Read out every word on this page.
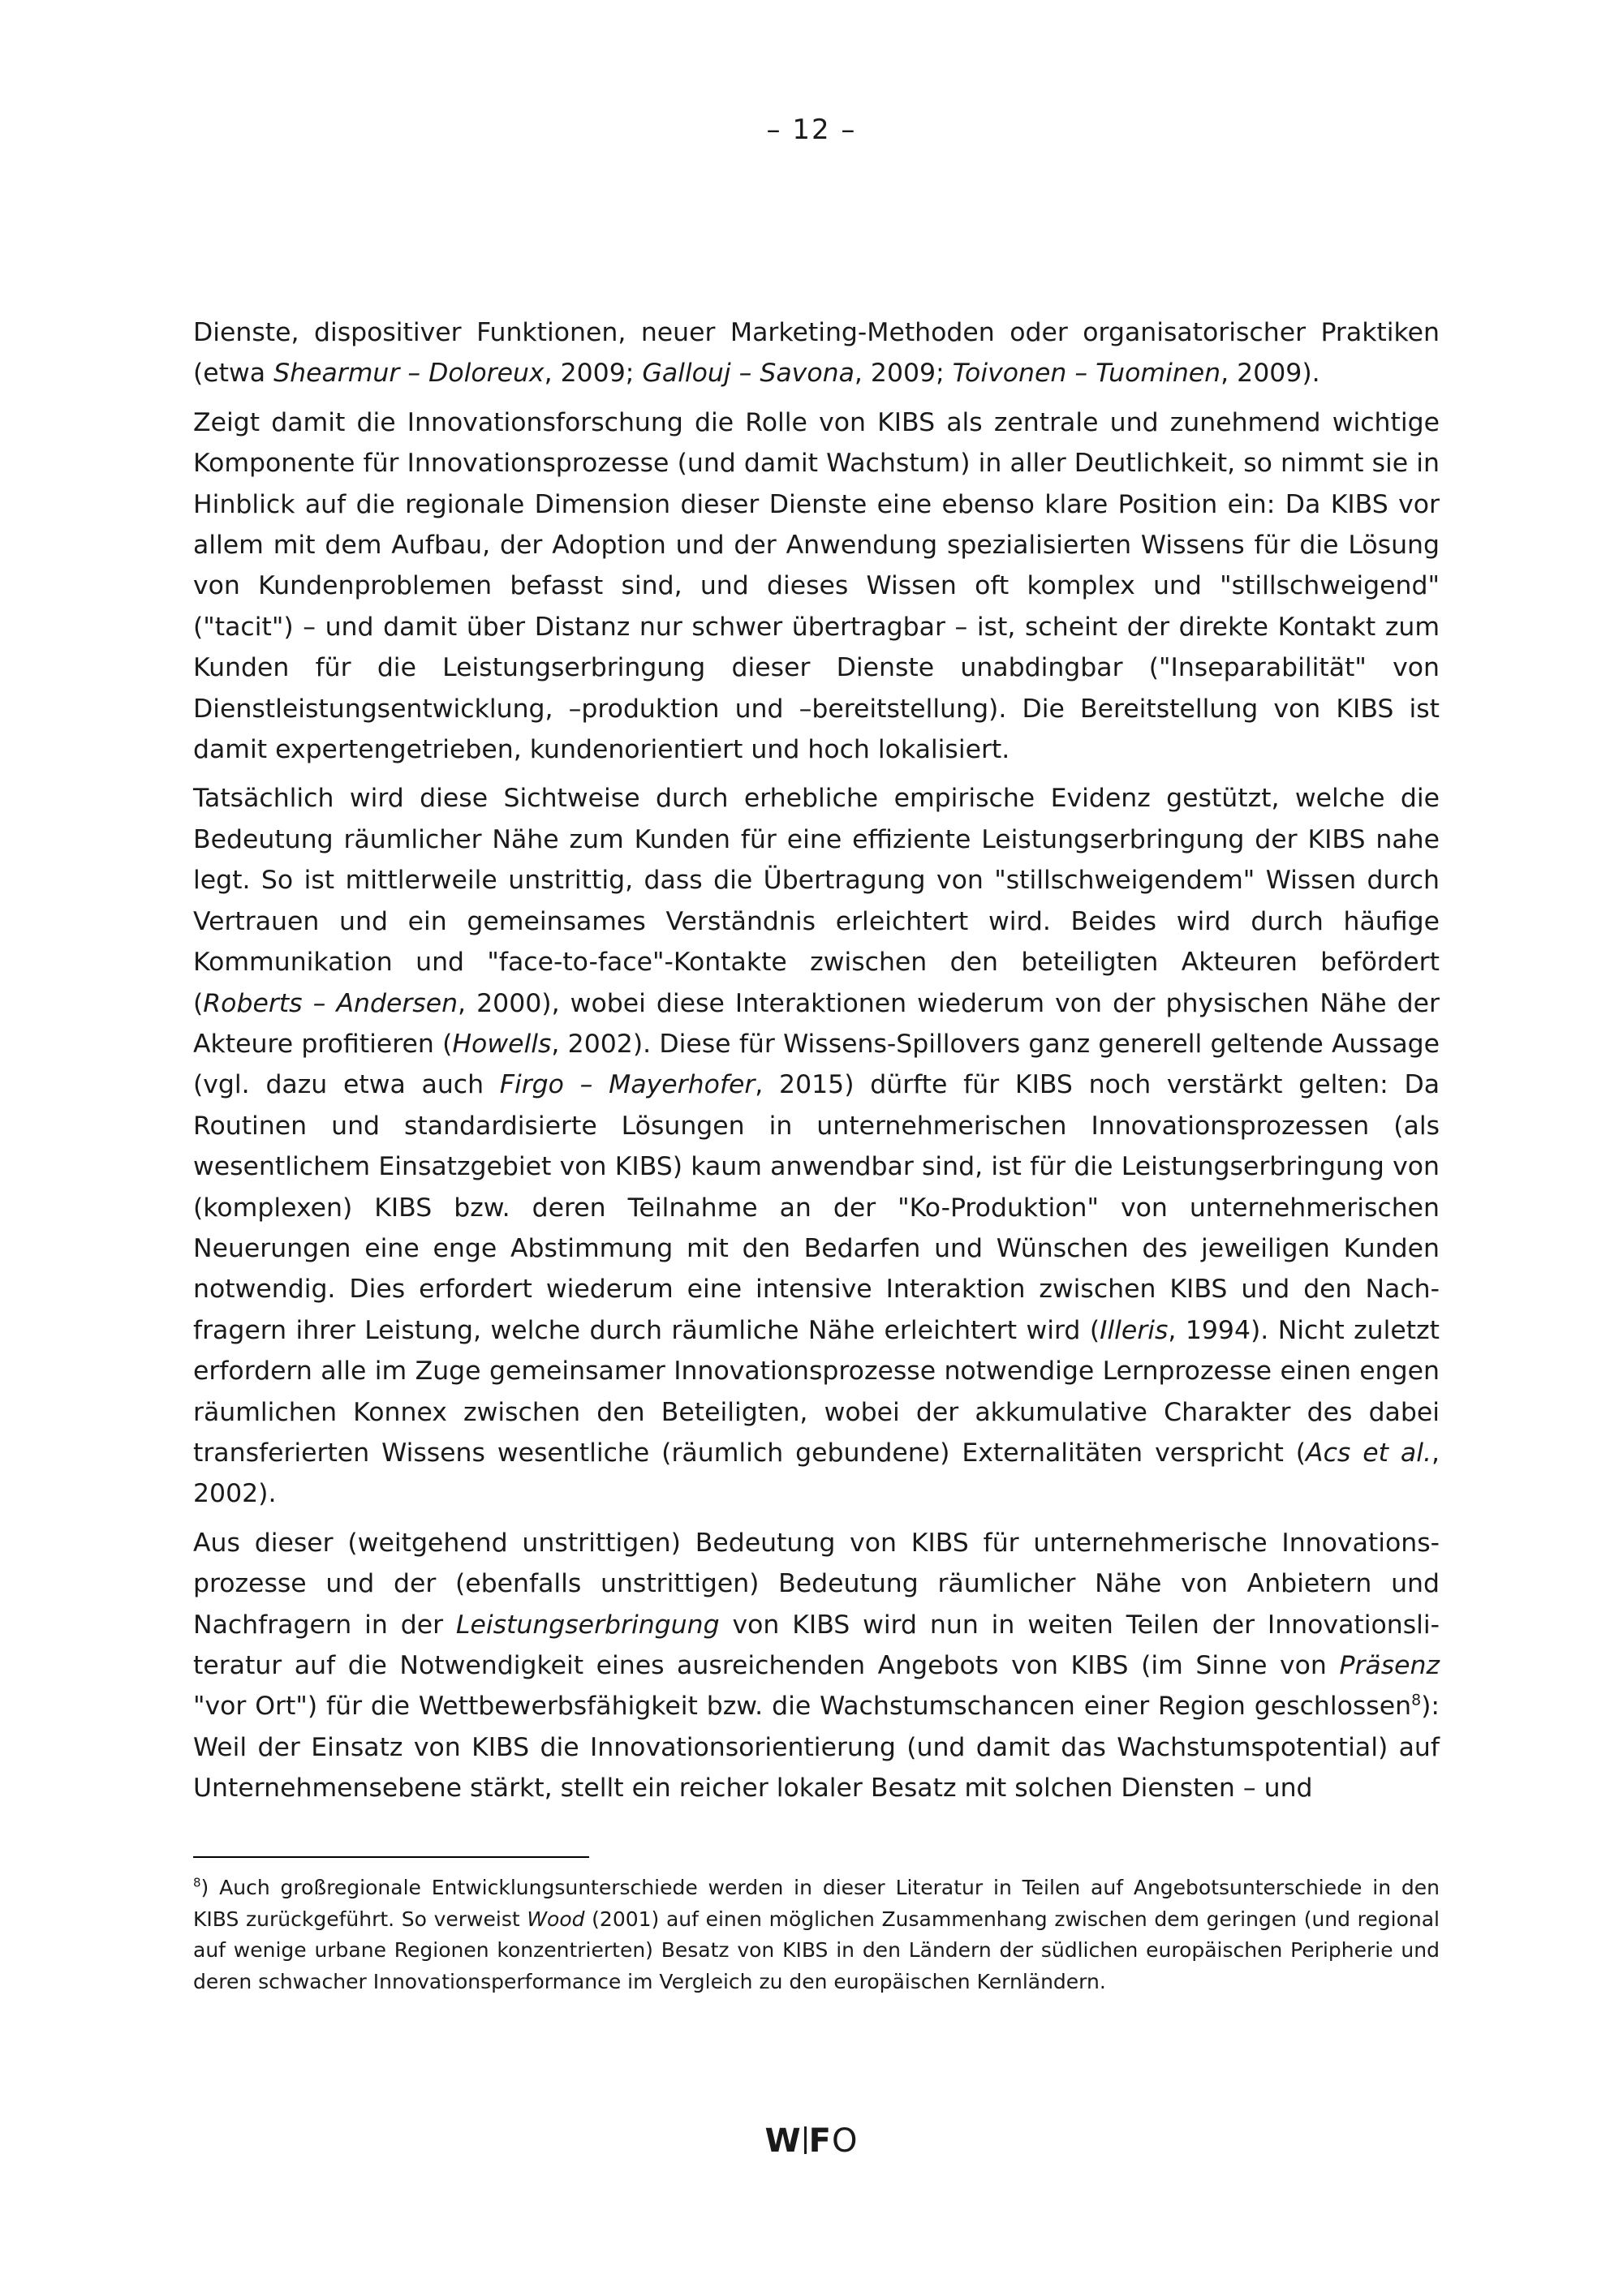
– 12 –

Dienste, dispositiver Funktionen, neuer Marketing-Methoden oder organisatorischer Praktiken (etwa Shearmur – Doloreux, 2009; Gallouj – Savona, 2009; Toivonen – Tuominen, 2009).

Zeigt damit die Innovationsforschung die Rolle von KIBS als zentrale und zunehmend wichtige Komponente für Innovationsprozesse (und damit Wachstum) in aller Deutlichkeit, so nimmt sie in Hinblick auf die regionale Dimension dieser Dienste eine ebenso klare Position ein: Da KIBS vor allem mit dem Aufbau, der Adoption und der Anwendung spezialisierten Wissens für die Lösung von Kundenproblemen befasst sind, und dieses Wissen oft komplex und "stillschweigend" ("tacit") – und damit über Distanz nur schwer übertragbar – ist, scheint der direkte Kontakt zum Kunden für die Leistungserbringung dieser Dienste unabdingbar ("Inseparabilität" von Dienstleistungsentwicklung, –produktion und –bereitstellung). Die Bereitstellung von KIBS ist damit expertengetrieben, kundenorientiert und hoch lokalisiert.

Tatsächlich wird diese Sichtweise durch erhebliche empirische Evidenz gestützt, welche die Bedeutung räumlicher Nähe zum Kunden für eine effiziente Leistungserbringung der KIBS nahe legt. So ist mittlerweile unstrittig, dass die Übertragung von "stillschweigendem" Wissen durch Vertrauen und ein gemeinsames Verständnis erleichtert wird. Beides wird durch häufige Kommunikation und "face-to-face"-Kontakte zwischen den beteiligten Akteuren befördert (Roberts – Andersen, 2000), wobei diese Interaktionen wiederum von der physischen Nähe der Akteure profitieren (Howells, 2002). Diese für Wissens-Spillovers ganz generell geltende Aussage (vgl. dazu etwa auch Firgo – Mayerhofer, 2015) dürfte für KIBS noch verstärkt gelten: Da Routinen und standardisierte Lösungen in unternehmerischen Innovationsprozessen (als wesentlichem Einsatzgebiet von KIBS) kaum anwendbar sind, ist für die Leistungserbringung von (komplexen) KIBS bzw. deren Teilnahme an der "Ko-Produktion" von unternehmerischen Neuerungen eine enge Abstimmung mit den Bedarfen und Wünschen des jeweiligen Kunden notwendig. Dies erfordert wiederum eine intensive Interaktion zwischen KIBS und den Nachfragern ihrer Leistung, welche durch räumliche Nähe erleichtert wird (Illeris, 1994). Nicht zuletzt erfordern alle im Zuge gemeinsamer Innovationsprozesse notwendige Lernprozesse einen engen räumlichen Konnex zwischen den Beteiligten, wobei der akkumulative Charakter des dabei transferierten Wissens wesentliche (räumlich gebundene) Externalitäten verspricht (Acs et al., 2002).

Aus dieser (weitgehend unstrittigen) Bedeutung von KIBS für unternehmerische Innovationsprozesse und der (ebenfalls unstrittigen) Bedeutung räumlicher Nähe von Anbietern und Nachfragern in der Leistungserbringung von KIBS wird nun in weiten Teilen der Innovationsliteratur auf die Notwendigkeit eines ausreichenden Angebots von KIBS (im Sinne von Präsenz "vor Ort") für die Wettbewerbsfähigkeit bzw. die Wachstumschancen einer Region geschlossen$^8$): Weil der Einsatz von KIBS die Innovationsorientierung (und damit das Wachstumspotential) auf Unternehmensebene stärkt, stellt ein reicher lokaler Besatz mit solchen Diensten – und

$^8$) Auch großregionale Entwicklungsunterschiede werden in dieser Literatur in Teilen auf Angebotsunterschiede in den KIBS zurückgeführt. So verweist Wood (2001) auf einen möglichen Zusammenhang zwischen dem geringen (und regional auf wenige urbane Regionen konzentrierten) Besatz von KIBS in den Ländern der südlichen europäischen Peripherie und deren schwacher Innovationsperformance im Vergleich zu den europäischen Kernländern.

W FO
